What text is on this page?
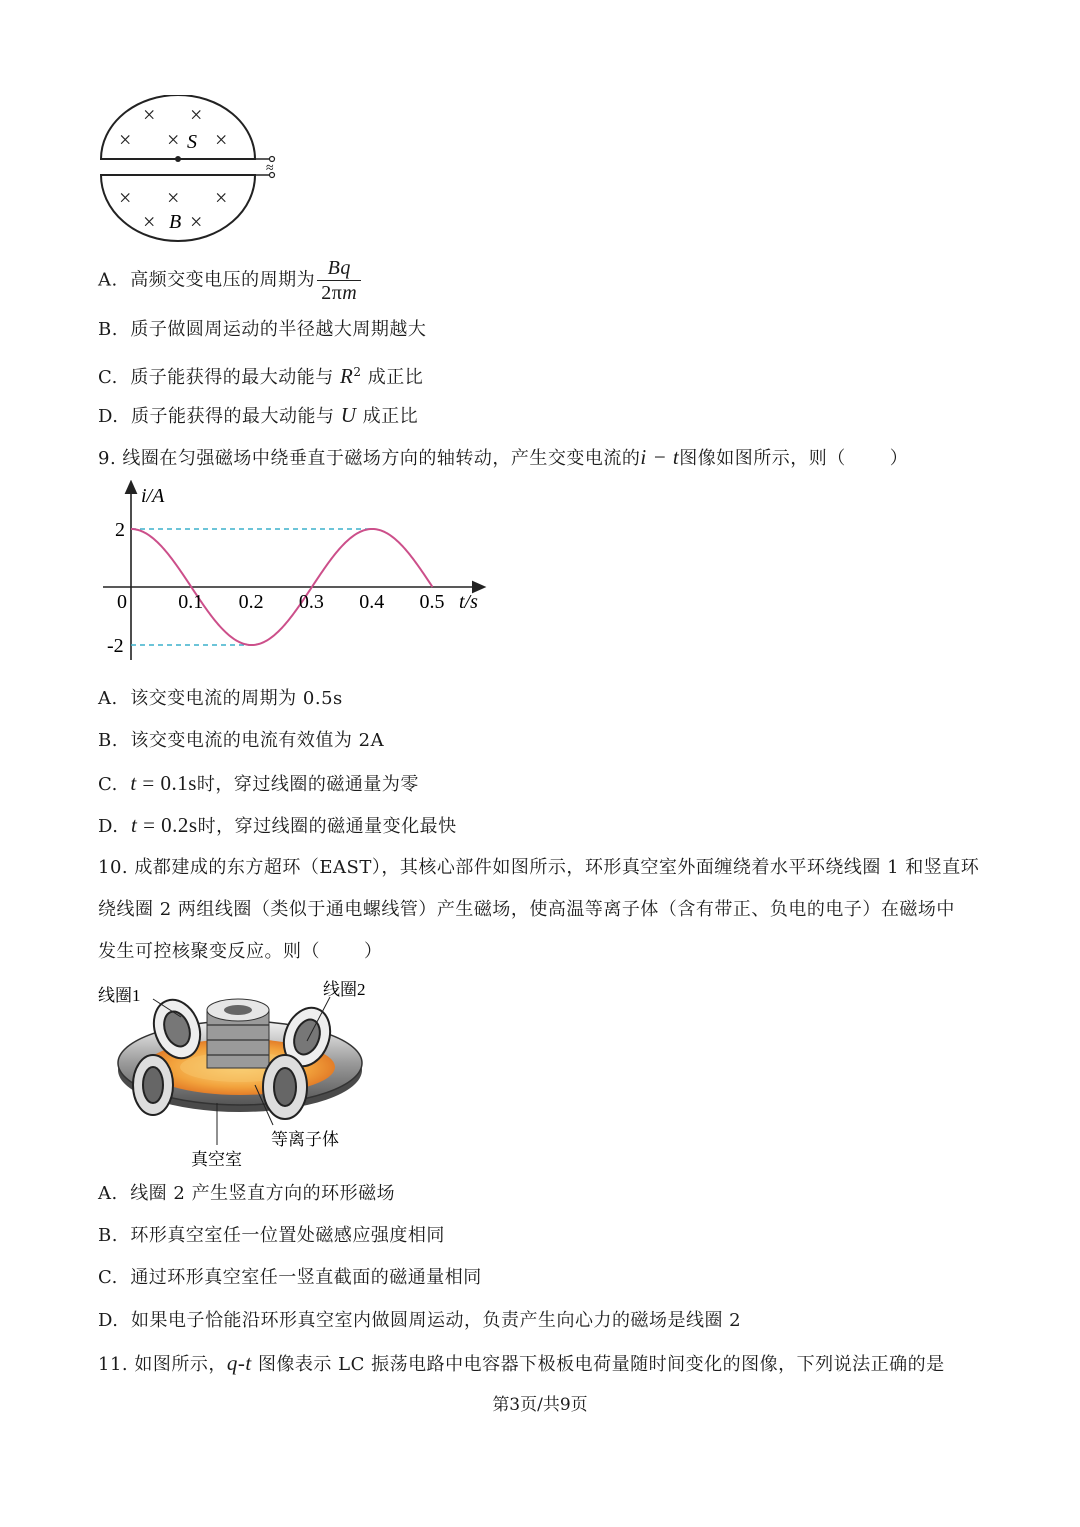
≈
× ×
× × ×
× × ×
× ×
S
B
A. 高频交变电压的周期为 $\frac{Bq}{2\pi m}$
B. 质子做圆周运动的半径越大周期越大
C. 质子能获得的最大动能与 $R^2$ 成正比
D. 质子能获得的最大动能与 U 成正比
9. 线圈在匀强磁场中绕垂直于磁场方向的轴转动，产生交变电流的i − t图像如图所示，则（ ）
i/A
t/s
0	0.1 0.2 0.3 0.4 0.5
2
-2
A. 该交变电流的周期为 0.5s
B. 该交变电流的电流有效值为 2A
C. t = 0.1s时，穿过线圈的磁通量为零
D. t = 0.2s时，穿过线圈的磁通量变化最快
10. 成都建成的东方超环（EAST），其核心部件如图所示，环形真空室外面缠绕着水平环绕线圈 1 和竖直环
绕线圈 2 两组线圈（类似于通电螺线管）产生磁场，使高温等离子体（含有带正、负电的电子）在磁场中
发生可控核聚变反应。则（ ）
线圈1	线圈2
等离子体
真空室
A. 线圈 2 产生竖直方向的环形磁场
B. 环形真空室任一位置处磁感应强度相同
C. 通过环形真空室任一竖直截面的磁通量相同
D. 如果电子恰能沿环形真空室内做圆周运动，负责产生向心力的磁场是线圈 2
11. 如图所示，q-t 图像表示 LC 振荡电路中电容器下极板电荷量随时间变化的图像，下列说法正确的是
第3页/共9页
